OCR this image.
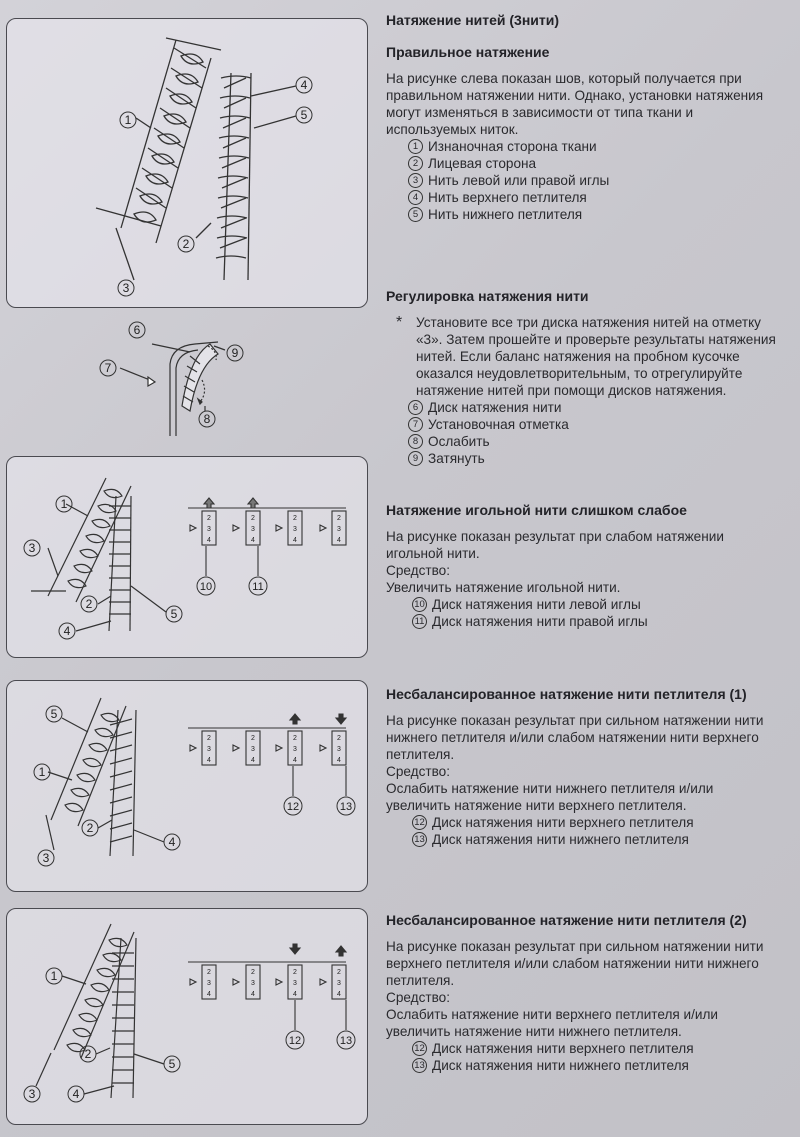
1
2
3
4
5
6
7
8
9
1
3
2
4
5
10	11
2
3
4
2
3
4
2
3
4
2
3
4
5
1
2
3
4
12	13
2
3
4
2
3
4
2
3
4
2
3
4
1
2
3	4
5
12	13
2
3
4
2
3
4
2
3
4
2
3
4
Натяжение нитей (3нити)
Правильное натяжение

На рисунке слева показан шов, который получается при правильном натяжении нити. Однако, установки натяжения могут изменяться в зависимости от типа ткани и используемых ниток.

1 Изнаночная сторона ткани
2 Лицевая сторона
3 Нить левой или правой иглы
4 Нить верхнего петлителя
5 Нить нижнего петлителя
Регулировка натяжения нити
*	Установите все три диска натяжения нитей на отметку «3». Затем прошейте и проверьте результаты натяжения нитей. Если баланс натяжения на пробном кусочке оказался неудовлетворительным, то отрегулируйте натяжение нитей при помощи дисков натяжения.

6 Диск натяжения нити
7 Установочная отметка
8 Ослабить
9 Затянуть
Натяжение игольной нити слишком слабое

На рисунке показан результат при слабом натяжении игольной нити.

Средство:

Увеличить натяжение игольной нити.

10 Диск натяжения нити левой иглы
11 Диск натяжения нити правой иглы
Несбалансированное натяжение нити петлителя (1)

На рисунке показан результат при сильном натяжении нити нижнего петлителя и/или слабом натяжении нити верхнего петлителя.

Средство:

Ослабить натяжение нити нижнего петлителя и/или увеличить натяжение нити верхнего петлителя.

12 Диск натяжения нити верхнего петлителя
13 Диск натяжения нити нижнего петлителя
Несбалансированное натяжение нити петлителя (2)

На рисунке показан результат при сильном натяжении нити верхнего петлителя и/или слабом натяжении нити нижнего петлителя.

Средство:

Ослабить натяжение нити верхнего петлителя и/или увеличить натяжение нити нижнего петлителя.

12 Диск натяжения нити верхнего петлителя
13 Диск натяжения нити нижнего петлителя
